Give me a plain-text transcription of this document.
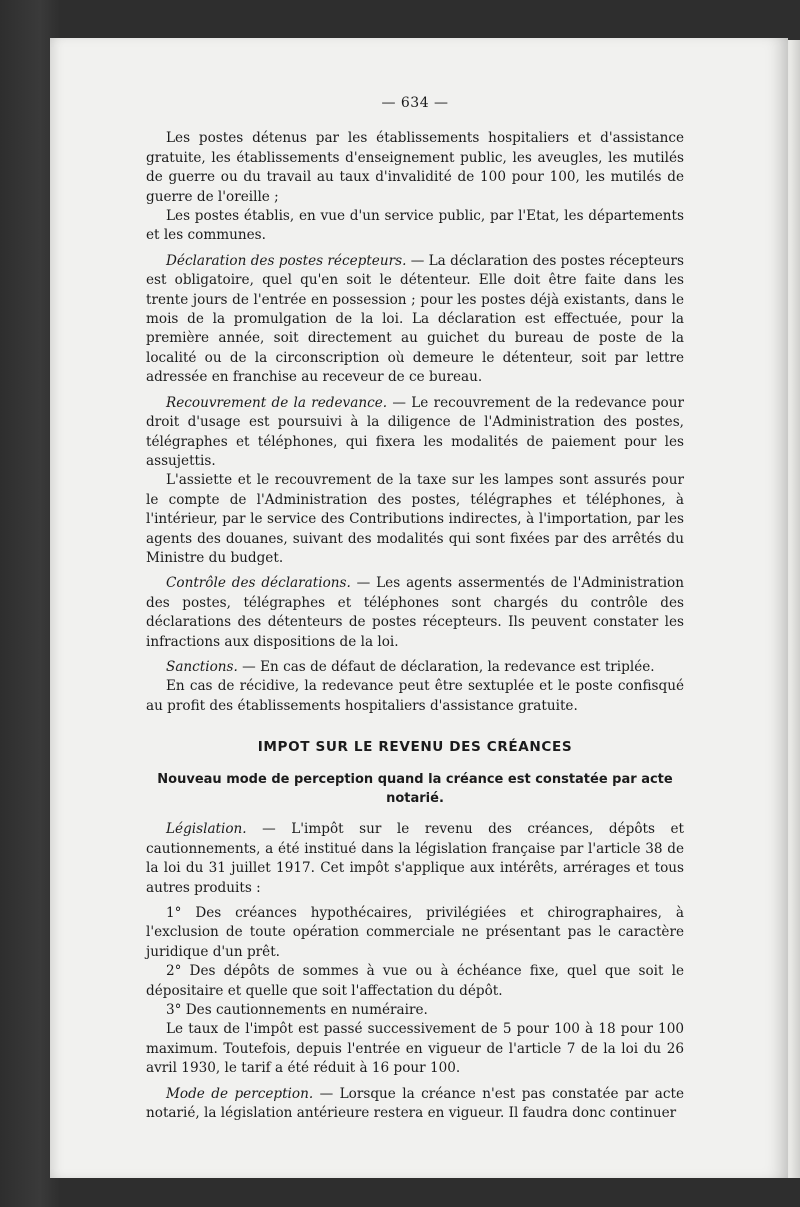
— 634 —

Les postes détenus par les établissements hospitaliers et d'assistance gratuite, les établissements d'enseignement public, les aveugles, les mutilés de guerre ou du travail au taux d'invalidité de 100 pour 100, les mutilés de guerre de l'oreille ;

Les postes établis, en vue d'un service public, par l'Etat, les départements et les communes.

Déclaration des postes récepteurs. — La déclaration des postes récepteurs est obligatoire, quel qu'en soit le détenteur. Elle doit être faite dans les trente jours de l'entrée en possession ; pour les postes déjà existants, dans le mois de la promulgation de la loi. La déclaration est effectuée, pour la première année, soit directement au guichet du bureau de poste de la localité ou de la circonscription où demeure le détenteur, soit par lettre adressée en franchise au receveur de ce bureau.

Recouvrement de la redevance. — Le recouvrement de la redevance pour droit d'usage est poursuivi à la diligence de l'Administration des postes, télégraphes et téléphones, qui fixera les modalités de paiement pour les assujettis.

L'assiette et le recouvrement de la taxe sur les lampes sont assurés pour le compte de l'Administration des postes, télégraphes et téléphones, à l'intérieur, par le service des Contributions indirectes, à l'importation, par les agents des douanes, suivant des modalités qui sont fixées par des arrêtés du Ministre du budget.

Contrôle des déclarations. — Les agents assermentés de l'Administration des postes, télégraphes et téléphones sont chargés du contrôle des déclarations des détenteurs de postes récepteurs. Ils peuvent constater les infractions aux dispositions de la loi.

Sanctions. — En cas de défaut de déclaration, la redevance est triplée.

En cas de récidive, la redevance peut être sextuplée et le poste confisqué au profit des établissements hospitaliers d'assistance gratuite.

IMPOT SUR LE REVENU DES CRÉANCES
Nouveau mode de perception quand la créance est constatée par acte notarié.

Législation. — L'impôt sur le revenu des créances, dépôts et cautionnements, a été institué dans la législation française par l'article 38 de la loi du 31 juillet 1917. Cet impôt s'applique aux intérêts, arrérages et tous autres produits :

1° Des créances hypothécaires, privilégiées et chirographaires, à l'exclusion de toute opération commerciale ne présentant pas le caractère juridique d'un prêt.

2° Des dépôts de sommes à vue ou à échéance fixe, quel que soit le dépositaire et quelle que soit l'affectation du dépôt.

3° Des cautionnements en numéraire.

Le taux de l'impôt est passé successivement de 5 pour 100 à 18 pour 100 maximum. Toutefois, depuis l'entrée en vigueur de l'article 7 de la loi du 26 avril 1930, le tarif a été réduit à 16 pour 100.

Mode de perception. — Lorsque la créance n'est pas constatée par acte notarié, la législation antérieure restera en vigueur. Il faudra donc continuer
